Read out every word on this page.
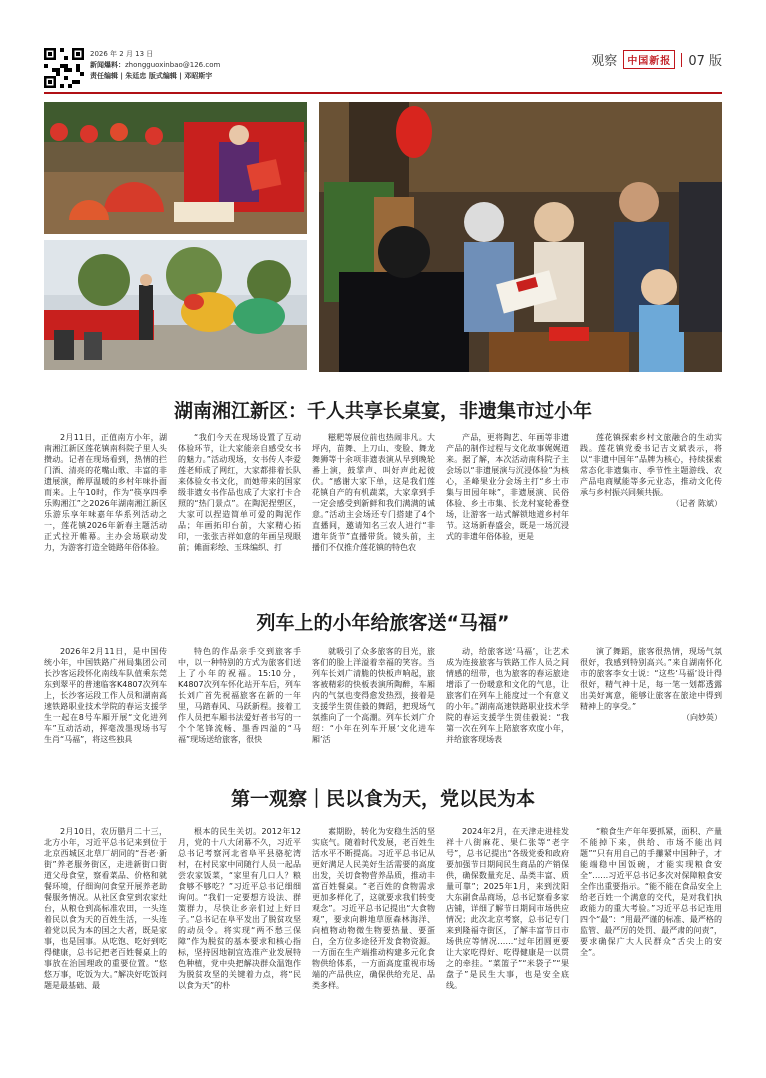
2026 年 2 月 13 日
新闻爆料：zhongguoxinbao@126.com
责任编辑 | 朱廷忠 版式编辑 | 邓昭斯宇
观察	中国新报	07 版
湖南湘江新区：千人共享长桌宴，非遗集市过小年

2月11日，正值南方小年，湖南湘江新区莲花镇南科院子里人头攒动。记者在现场看到，热情的拦门酒、清亮的花嘴山歌、丰富的非遗展演，醉厚温暖的乡村年味扑面而来。上午10时，作为“筷享四季 乐购湘江”之2026年湖南湘江新区乐游乐享年味嘉年华系列活动之一，莲花镇2026年新春主题活动正式拉开帷幕。主办会场联动发力，为游客打造全链路年俗体验。

“我们今天在现场设置了互动体验环节，让大家能亲自感受女书的魅力。”活动现场，女书传人李爱莲老师成了网红，大家都排着长队来体验女书文化，而她带来的国家级非遗女书作品也成了大家打卡合照的“热门景点”。在陶泥捏塑区，大家可以捏造简单可爱的陶泥作品；年画拓印台前，大家精心拓印，一张张吉祥如意的年画呈现眼前；傩面彩绘、玉珠编织、打

糍粑等展位前也热闹非凡。大坪内，苗舞、上刀山、变脸、舞龙舞狮等十余项非遗表演从早到晚轮番上演，鼓掌声、叫好声此起彼伏。“感谢大家下单，这是我们莲花镇自产的有机蔬菜，大家拿到手一定会感受到新鲜和我们满满的诚意。”活动主会场还专门搭建了4个直播间，邀请知名三农人进行“非遗年货节”直播带货。镜头前，主播们不仅推介莲花镇的特色农

产品，更将陶艺、年画等非遗产品的制作过程与文化故事娓娓道来。据了解，本次活动南科院子主会场以“非遗展演与沉浸体验”为核心，圣峰果业分会场主打“乡土市集与田园年味”，非遗展演、民俗体验、乡土市集、长龙村宴轮番登场，让游客一站式解锁地道乡村年节。这场新春盛会，既是一场沉浸式的非遗年俗体验，更是

莲花镇探索乡村文旅融合的生动实践。莲花镇党委书记吉文斌表示，将以“非遗中国年”品牌为核心，持续探索常态化非遗集市、季节性主题游线、农产品电商赋能等多元业态，推动文化传承与乡村振兴同频共振。

（记者 陈斌）

列车上的小年给旅客送“马福”

2026年2月11日，是中国传统小年，中国铁路广州局集团公司长沙客运段怀化南线车队值乘东莞东到翠平的普速临客K4807次列车上，长沙客运段工作人员和湖南高速铁路职业技术学院的春运支援学生一起在8号车厢开展“文化进列车”互动活动，挥毫泼墨现场书写生肖“马福”，将这些独具

特色的作品亲手交到旅客手中，以一种特别的方式为旅客们送上了小年的祝福。15:10分，K4807次列车怀化站开车后，列车长刘广首先祝福旅客在新的一年里，马踏春风、马跃新程。接着工作人员把车厢书法爱好者书写的一个个笔锋流畅、墨香四溢的“马福”现场送给旅客，很快

就吸引了众多旅客的目光，旅客们的脸上洋溢着幸福的笑容。当列车长刘广清脆的快板声响起，旅客被精彩的快板表演所陶醉，车厢内的气氛也变得愈发热烈，接着是支援学生贺佳毅的舞蹈，把现场气氛推向了一个高潮。列车长刘广介绍：“小年在列车开展‘文化进车厢’活

动，给旅客送‘马福’，让艺术成为连接旅客与铁路工作人员之间情感的纽带，也为旅客的春运旅途增添了一份暖意和文化的气息，让旅客们在列车上能度过一个有意义的小年。”湖南高速铁路职业技术学院的春运支援学生贺佳毅说：“我第一次在列车上陪旅客欢度小年，并给旅客现场表

演了舞蹈，旅客很热情，现场气氛很好，我感到特别高兴。”来自湖南怀化市的旅客李女士说：“这些‘马福’设计得很好，精气神十足，每一笔一划都透露出美好寓意，能够让旅客在旅途中得到精神上的享受。”

（向妙英）

第一观察｜民以食为天，党以民为本

2月10日，农历腊月二十三，北方小年，习近平总书记来到位于北京西城区北草厂胡同的“吾老·新街”养老服务街区，走进新街口街道父母食堂，察看菜品、价格和就餐环境，仔细询问食堂开展养老助餐服务情况。从社区食堂到农家灶台，从粮仓到高标准农田，一头连着民以食为天的百姓生活，一头连着党以民为本的国之大者，既是家事，也是国事。从吃饱、吃好到吃得健康，总书记把老百姓餐桌上的事放在治国理政的重要位置。“悠悠万事，吃饭为大。”解决好吃饭问题是最基础、最

根本的民生关切。2012年12月，党的十八大闭幕不久，习近平总书记考察河北省阜平县骆驼湾村，在村民家中同随行人员一起品尝农家饭菜，“家里有几口人？粮食够不够吃？”习近平总书记细细询问。“我们一定要想方设法、群策群力，尽快让乡亲们过上好日子。”总书记在阜平发出了脱贫攻坚的动员令。将实现“两不愁三保障”作为脱贫的基本要求和核心指标，坚持因地制宜选准产业发展特色种植，党中央把解决群众温饱作为脱贫攻坚的关键着力点，将“民以食为天”的朴

素期盼，转化为安稳生活的坚实底气。随着时代发展，老百姓生活水平不断提高。习近平总书记从更好满足人民美好生活需要的高度出发，关切食物营养品质，推动丰富百姓餐桌。“老百姓的食物需求更加多样化了，这就要求我们转变观念”。习近平总书记提出“大食物观”，要求向耕地草原森林海洋、向植物动物微生物要热量、要蛋白，全方位多途径开发食物资源。一方面在生产端推动构建多元化食物供给体系，一方面高度重视市场端的产品供应，确保供给充足、品类多样。

2024年2月，在天津走进桂发祥十八街麻花、果仁张等“老字号”，总书记提出“各级党委和政府要加强节日期间民生商品的产销保供，确保数量充足、品类丰富、质量可靠”；2025年1月，来到沈阳大东副食品商场，总书记察看多家店铺，详细了解节日期间市场供应情况；此次北京考察，总书记专门来到隆福寺街区，了解丰富节日市场供应等情况……“过年团圆更要让大家吃得好、吃得健康是一以贯之的牵挂。“菜篮子”“米袋子”“果盘子”是民生大事，也是安全底线。

“粮食生产年年要抓紧，面积、产量不能掉下来，供给、市场不能出问题”“只有用自己的手攥紧中国种子，才能端稳中国饭碗，才能实现粮食安全”……习近平总书记多次对保障粮食安全作出重要指示。“能不能在食品安全上给老百姓一个满意的交代，是对我们执政能力的重大考验。”习近平总书记连用四个“最”：“用最严谨的标准、最严格的监管、最严厉的处罚、最严肃的问责”，要求确保广大人民群众“舌尖上的安全”。
